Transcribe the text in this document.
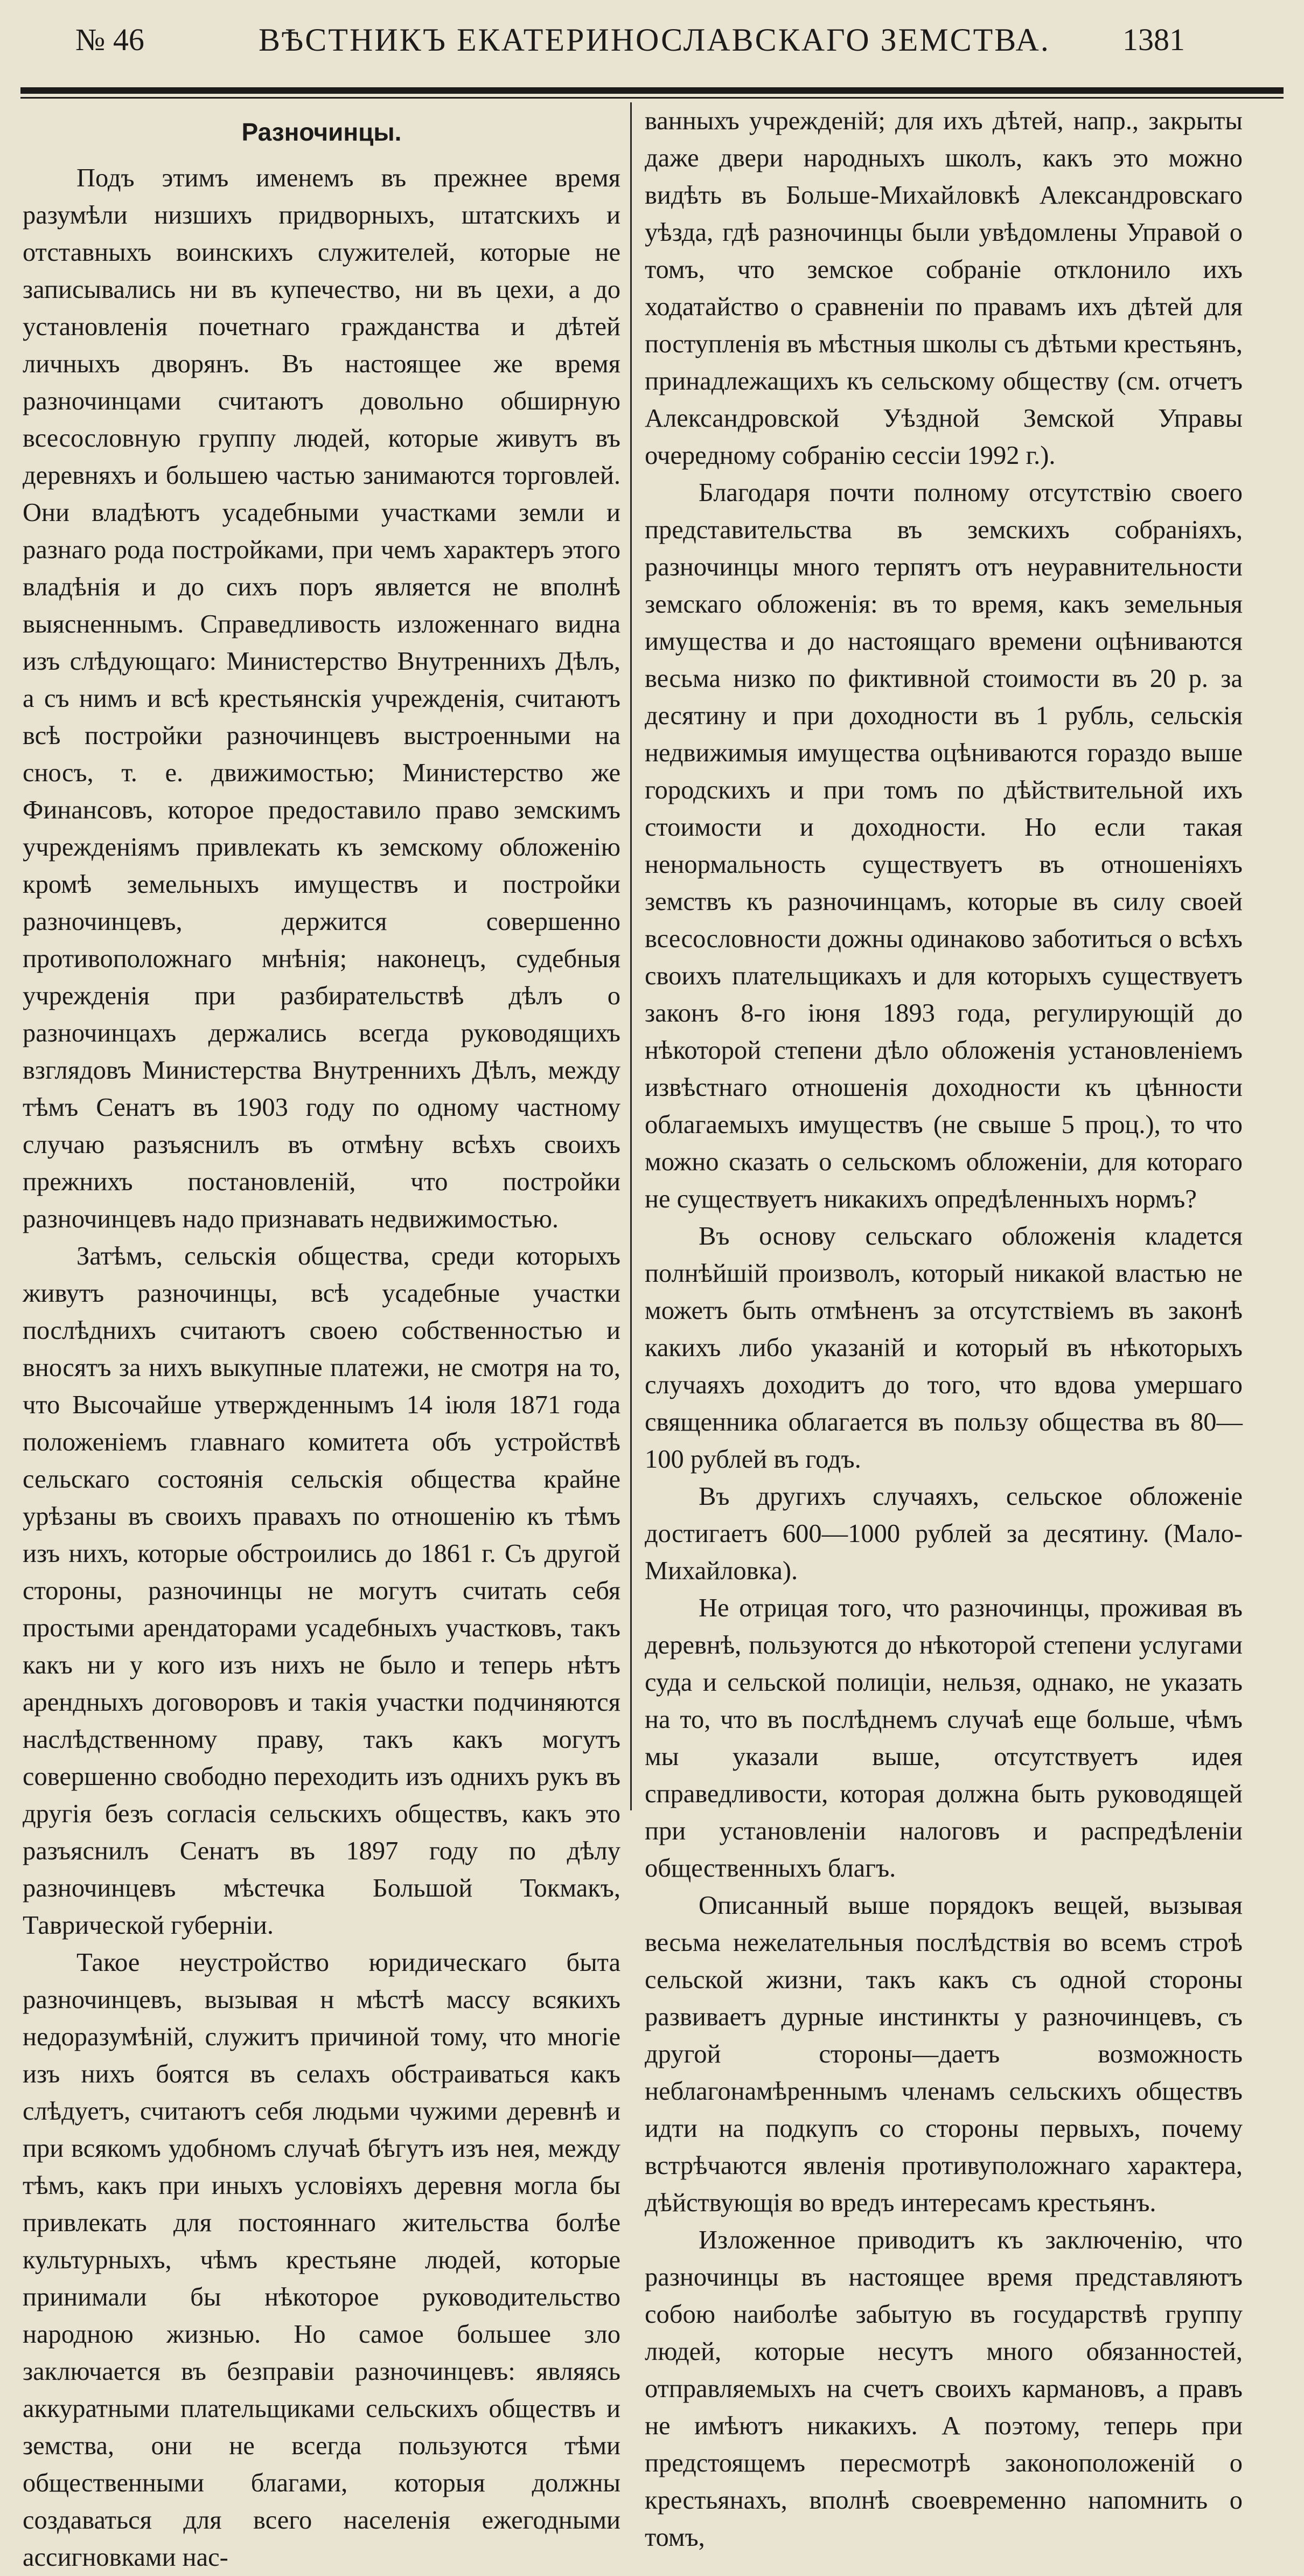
№ 46	ВѢСТНИКЪ ЕКАТЕРИНОСЛАВСКАГО ЗЕМСТВА. 1381
Разночинцы.

Подъ этимъ именемъ въ прежнее время разумѣли низшихъ придворныхъ, штатскихъ и отставныхъ воинскихъ служителей, которые не записывались ни въ купечество, ни въ цехи, а до установленія почетнаго гражданства и дѣтей личныхъ дворянъ. Въ настоящее же время разночинцами считаютъ довольно обширную всесословную группу людей, которые живутъ въ деревняхъ и большею частью занимаются торговлей. Они владѣютъ усадебными участками земли и разнаго рода постройками, при чемъ характеръ этого владѣнія и до сихъ поръ является не вполнѣ выясненнымъ. Справедливость изложеннаго видна изъ слѣдующаго: Министерство Внутреннихъ Дѣлъ, а съ нимъ и всѣ крестьянскія учрежденія, считаютъ всѣ постройки разночинцевъ выстроенными на сносъ, т. е. движимостью; Министерство же Финансовъ, которое предоставило право земскимъ учрежденіямъ привлекать къ земскому обложенію кромѣ земельныхъ имуществъ и постройки разночинцевъ, держится совершенно противоположнаго мнѣнія; наконецъ, судебныя учрежденія при разбирательствѣ дѣлъ о разночинцахъ держались всегда руководящихъ взглядовъ Министерства Внутреннихъ Дѣлъ, между тѣмъ Сенатъ въ 1903 году по одному частному случаю разъяснилъ въ отмѣну всѣхъ своихъ прежнихъ постановленій, что постройки разночинцевъ надо признавать недвижимостью.

Затѣмъ, сельскія общества, среди которыхъ живутъ разночинцы, всѣ усадебные участки послѣднихъ считаютъ своею собственностью и вносятъ за нихъ выкупные платежи, не смотря на то, что Высочайше утвержденнымъ 14 іюля 1871 года положеніемъ главнаго комитета объ устройствѣ сельскаго состоянія сельскія общества крайне урѣзаны въ своихъ правахъ по отношенію къ тѣмъ изъ нихъ, которые обстроились до 1861 г. Съ другой стороны, разночинцы не могутъ считать себя простыми арендаторами усадебныхъ участковъ, такъ какъ ни у кого изъ нихъ не было и теперь нѣтъ арендныхъ договоровъ и такія участки подчиняются наслѣдственному праву, такъ какъ могутъ совершенно свободно переходить изъ однихъ рукъ въ другія безъ согласія сельскихъ обществъ, какъ это разъяснилъ Сенатъ въ 1897 году по дѣлу разночинцевъ мѣстечка Большой Токмакъ, Таврической губерніи.

Такое неустройство юридическаго быта разночинцевъ, вызывая н мѣстѣ массу всякихъ недоразумѣній, служитъ причиной тому, что многіе изъ нихъ боятся въ селахъ обстраиваться какъ слѣдуетъ, считаютъ себя людьми чужими деревнѣ и при всякомъ удобномъ случаѣ бѣгутъ изъ нея, между тѣмъ, какъ при иныхъ условіяхъ деревня могла бы привлекать для постояннаго жительства болѣе культурныхъ, чѣмъ крестьяне людей, которые принимали бы нѣкоторое руководительство народною жизнью. Но самое большее зло заключается въ безправіи разночинцевъ: являясь аккуратными плательщиками сельскихъ обществъ и земства, они не всегда пользуются тѣми общественными благами, которыя должны создаваться для всего населенія ежегодными ассигновками нас-

ванныхъ учрежденій; для ихъ дѣтей, напр., закрыты даже двери народныхъ школъ, какъ это можно видѣть въ Больше-Михайловкѣ Александровскаго уѣзда, гдѣ разночинцы были увѣдомлены Управой о томъ, что земское собраніе отклонило ихъ ходатайство о сравненіи по правамъ ихъ дѣтей для поступленія въ мѣстныя школы съ дѣтьми крестьянъ, принадлежащихъ къ сельскому обществу (см. отчетъ Александровской Уѣздной Земской Управы очередному собранію сессіи 1992 г.).

Благодаря почти полному отсутствію своего представительства въ земскихъ собраніяхъ, разночинцы много терпятъ отъ неуравнительности земскаго обложенія: въ то время, какъ земельныя имущества и до настоящаго времени оцѣниваются весьма низко по фиктивной стоимости въ 20 р. за десятину и при доходности въ 1 рубль, сельскія недвижимыя имущества оцѣниваются гораздо выше городскихъ и при томъ по дѣйствительной ихъ стоимости и доходности. Но если такая ненормальность существуетъ въ отношеніяхъ земствъ къ разночинцамъ, которые въ силу своей всесословности дожны одинаково заботиться о всѣхъ своихъ плательщикахъ и для которыхъ существуетъ законъ 8-го іюня 1893 года, регулирующій до нѣкоторой степени дѣло обложенія установленіемъ извѣстнаго отношенія доходности къ цѣнности облагаемыхъ имуществъ (не свыше 5 проц.), то что можно сказать о сельскомъ обложеніи, для котораго не существуетъ никакихъ опредѣленныхъ нормъ?

Въ основу сельскаго обложенія кладется полнѣйшій произволъ, который никакой властью не можетъ быть отмѣненъ за отсутствіемъ въ законѣ какихъ либо указаній и который въ нѣкоторыхъ случаяхъ доходитъ до того, что вдова умершаго священника облагается въ пользу общества въ 80—100 рублей въ годъ.

Въ другихъ случаяхъ, сельское обложеніе достигаетъ 600—1000 рублей за десятину. (Мало-Михайловка).

Не отрицая того, что разночинцы, проживая въ деревнѣ, пользуются до нѣкоторой степени услугами суда и сельской полиціи, нельзя, однако, не указать на то, что въ послѣднемъ случаѣ еще больше, чѣмъ мы указали выше, отсутствуетъ идея справедливости, которая должна быть руководящей при установленіи налоговъ и распредѣленіи общественныхъ благъ.

Описанный выше порядокъ вещей, вызывая весьма нежелательныя послѣдствія во всемъ строѣ сельской жизни, такъ какъ съ одной стороны развиваетъ дурные инстинкты у разночинцевъ, съ другой стороны—даетъ возможность неблагонамѣреннымъ членамъ сельскихъ обществъ идти на подкупъ со стороны первыхъ, почему встрѣчаются явленія противуположнаго характера, дѣйствующія во вредъ интересамъ крестьянъ.

Изложенное приводитъ къ заключенію, что разночинцы въ настоящее время представляютъ собою наиболѣе забытую въ государствѣ группу людей, которые несутъ много обязанностей, отправляемыхъ на счетъ своихъ кармановъ, а правъ не имѣютъ никакихъ. А поэтому, теперь при предстоящемъ пересмотрѣ законоположеній о крестьянахъ, вполнѣ своевременно напомнить о томъ,
